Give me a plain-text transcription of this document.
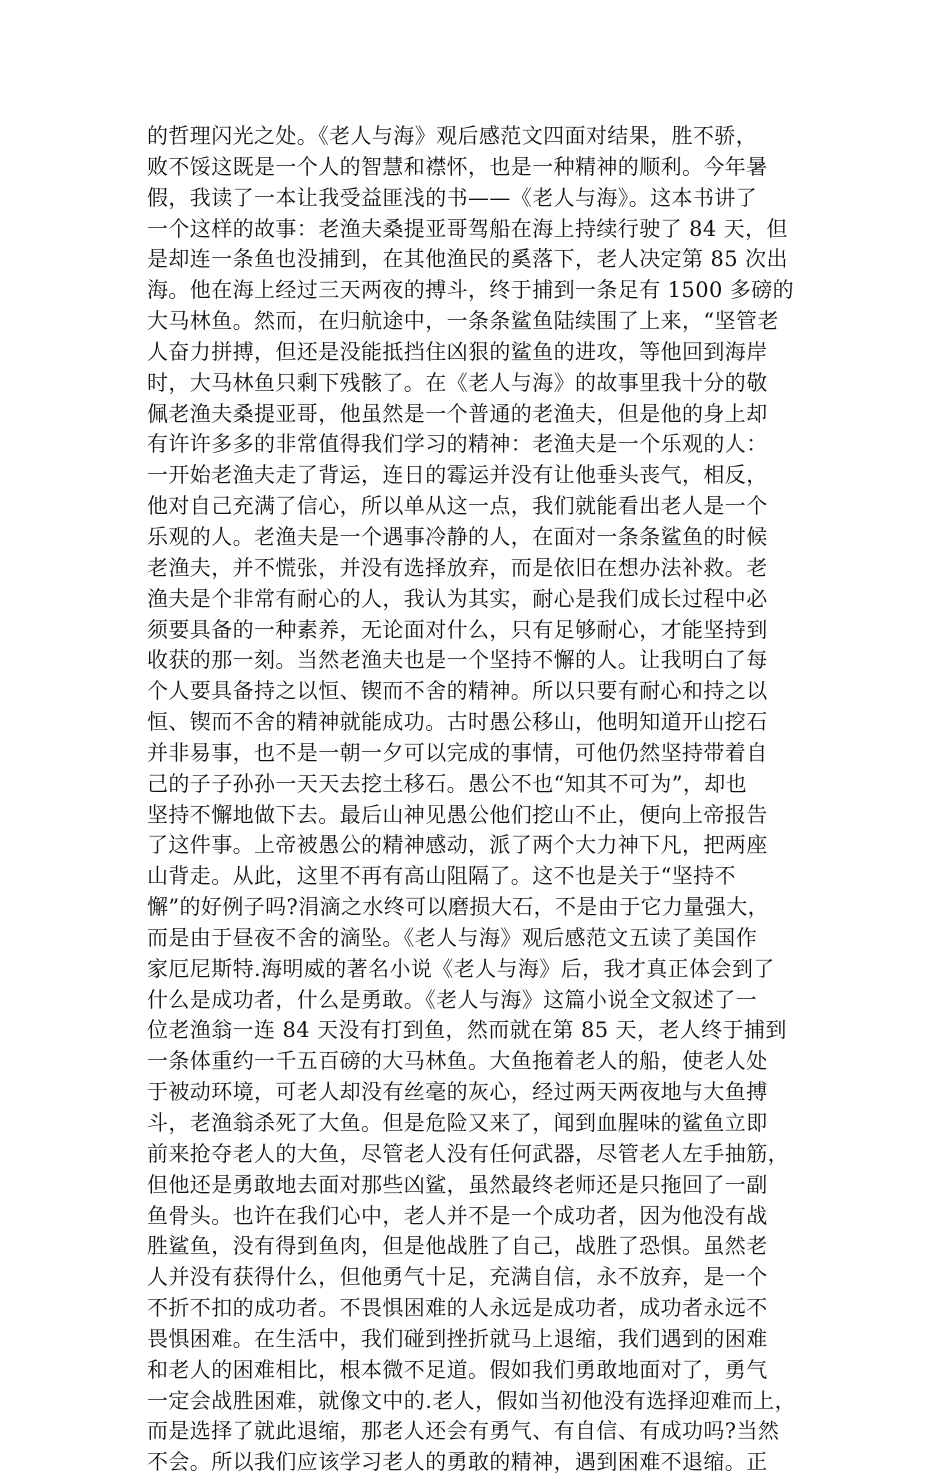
的哲理闪光之处。《老人与海》观后感范文四面对结果，胜不骄，
败不馁这既是一个人的智慧和襟怀，也是一种精神的顺利。今年暑
假，我读了一本让我受益匪浅的书——《老人与海》。这本书讲了
一个这样的故事：老渔夫桑提亚哥驾船在海上持续行驶了 84 天，但
是却连一条鱼也没捕到，在其他渔民的奚落下，老人决定第 85 次出
海。他在海上经过三天两夜的搏斗，终于捕到一条足有 1500 多磅的
大马林鱼。然而，在归航途中，一条条鲨鱼陆续围了上来，“坚管老
人奋力拼搏，但还是没能抵挡住凶狠的鲨鱼的进攻，等他回到海岸
时，大马林鱼只剩下残骸了。在《老人与海》的故事里我十分的敬
佩老渔夫桑提亚哥，他虽然是一个普通的老渔夫，但是他的身上却
有许许多多的非常值得我们学习的精神：老渔夫是一个乐观的人：
一开始老渔夫走了背运，连日的霉运并没有让他垂头丧气，相反，
他对自己充满了信心，所以单从这一点，我们就能看出老人是一个
乐观的人。老渔夫是一个遇事冷静的人，在面对一条条鲨鱼的时候
老渔夫，并不慌张，并没有选择放弃，而是依旧在想办法补救。老
渔夫是个非常有耐心的人，我认为其实，耐心是我们成长过程中必
须要具备的一种素养，无论面对什么，只有足够耐心，才能坚持到
收获的那一刻。当然老渔夫也是一个坚持不懈的人。让我明白了每
个人要具备持之以恒、锲而不舍的精神。所以只要有耐心和持之以
恒、锲而不舍的精神就能成功。古时愚公移山，他明知道开山挖石
并非易事，也不是一朝一夕可以完成的事情，可他仍然坚持带着自
己的子子孙孙一天天去挖土移石。愚公不也“知其不可为”，却也
坚持不懈地做下去。最后山神见愚公他们挖山不止，便向上帝报告
了这件事。上帝被愚公的精神感动，派了两个大力神下凡，把两座
山背走。从此，这里不再有高山阻隔了。这不也是关于“坚持不
懈”的好例子吗?涓滴之水终可以磨损大石，不是由于它力量强大，
而是由于昼夜不舍的滴坠。《老人与海》观后感范文五读了美国作
家厄尼斯特.海明威的著名小说《老人与海》后，我才真正体会到了
什么是成功者，什么是勇敢。《老人与海》这篇小说全文叙述了一
位老渔翁一连 84 天没有打到鱼，然而就在第 85 天，老人终于捕到
一条体重约一千五百磅的大马林鱼。大鱼拖着老人的船，使老人处
于被动环境，可老人却没有丝毫的灰心，经过两天两夜地与大鱼搏
斗，老渔翁杀死了大鱼。但是危险又来了，闻到血腥味的鲨鱼立即
前来抢夺老人的大鱼，尽管老人没有任何武器，尽管老人左手抽筋，
但他还是勇敢地去面对那些凶鲨，虽然最终老师还是只拖回了一副
鱼骨头。也许在我们心中，老人并不是一个成功者，因为他没有战
胜鲨鱼，没有得到鱼肉，但是他战胜了自己，战胜了恐惧。虽然老
人并没有获得什么，但他勇气十足，充满自信，永不放弃，是一个
不折不扣的成功者。不畏惧困难的人永远是成功者，成功者永远不
畏惧困难。在生活中，我们碰到挫折就马上退缩，我们遇到的困难
和老人的困难相比，根本微不足道。假如我们勇敢地面对了，勇气
一定会战胜困难，就像文中的.老人，假如当初他没有选择迎难而上，
而是选择了就此退缩，那老人还会有勇气、有自信、有成功吗?当然
不会。所以我们应该学习老人的勇敢的精神，遇到困难不退缩。正
